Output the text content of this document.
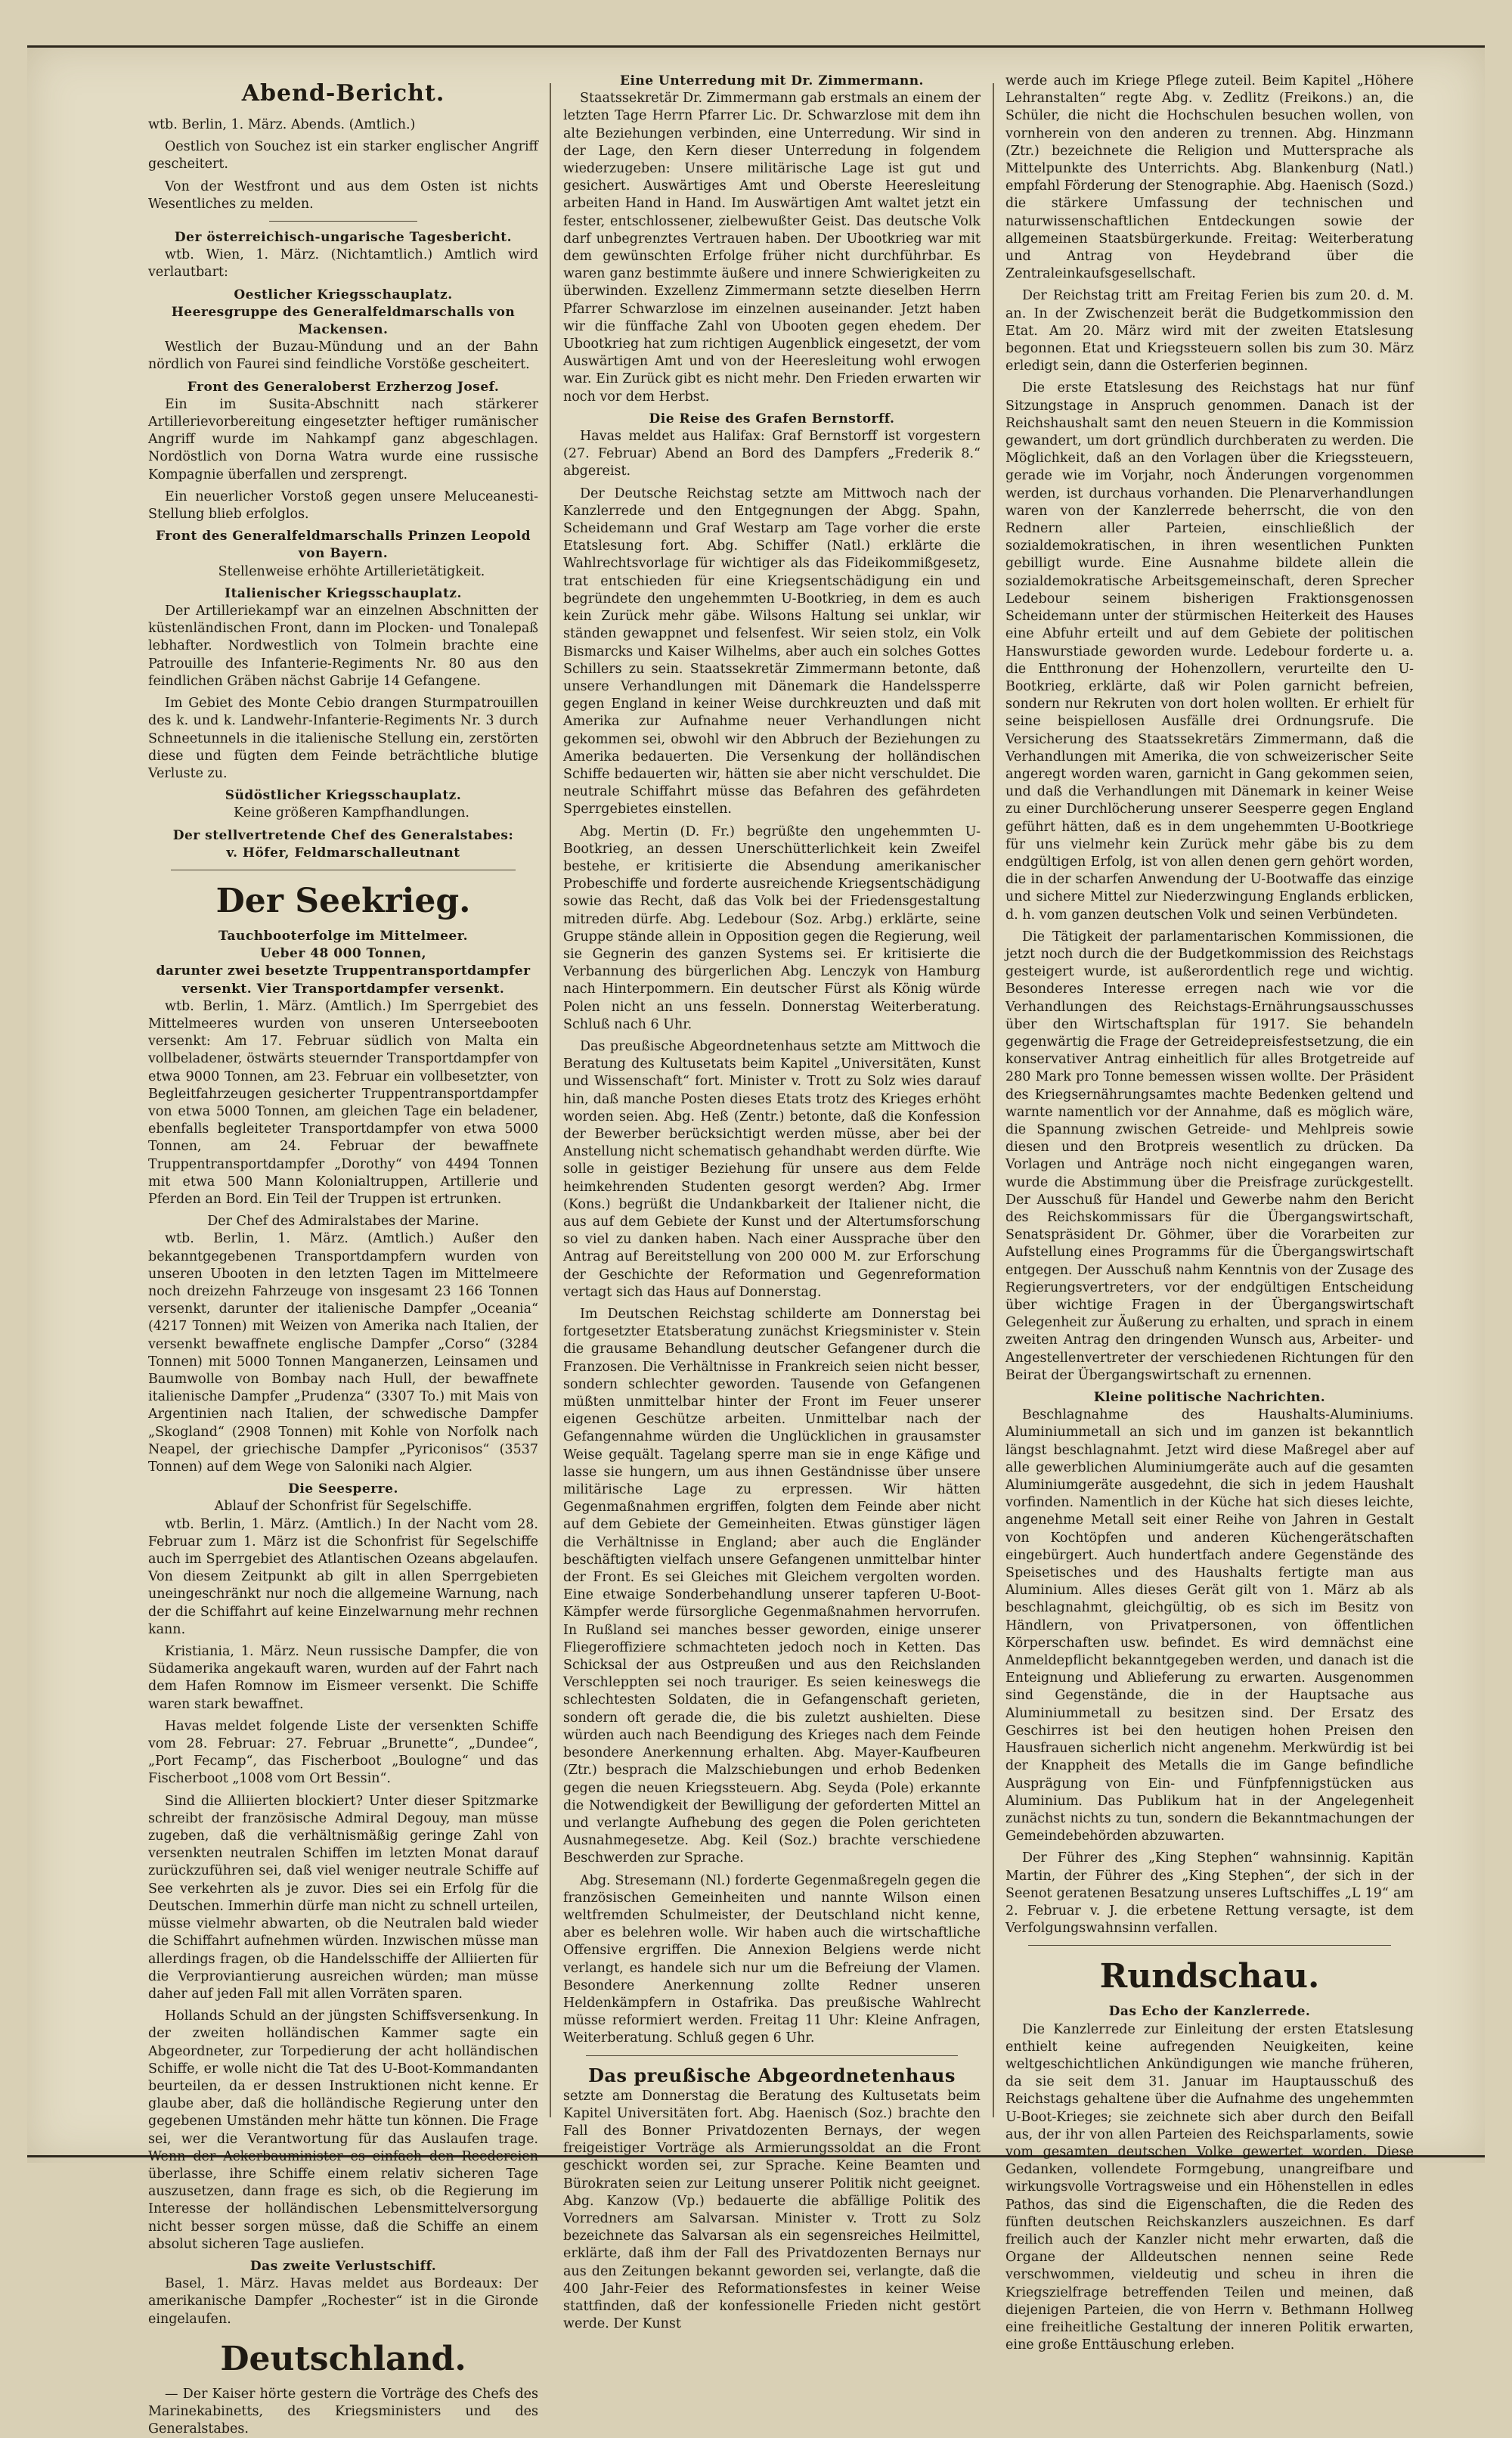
Abend-Bericht.

wtb. Berlin, 1. März. Abends. (Amtlich.)

Oestlich von Souchez ist ein starker englischer Angriff gescheitert.

Von der Westfront und aus dem Osten ist nichts Wesentliches zu melden.

Der österreichisch-ungarische Tagesbericht.

wtb. Wien, 1. März. (Nichtamtlich.) Amtlich wird verlautbart:

Oestlicher Kriegsschauplatz.
Heeresgruppe des Generalfeldmarschalls von Mackensen.

Westlich der Buzau-Mündung und an der Bahn nördlich von Faurei sind feindliche Vorstöße gescheitert.

Front des Generaloberst Erzherzog Josef.

Ein im Susita-Abschnitt nach stärkerer Artillerievorbereitung eingesetzter heftiger rumänischer Angriff wurde im Nahkampf ganz abgeschlagen. Nordöstlich von Dorna Watra wurde eine russische Kompagnie überfallen und zersprengt.

Ein neuerlicher Vorstoß gegen unsere Meluceanesti-Stellung blieb erfolglos.

Front des Generalfeldmarschalls Prinzen Leopold von Bayern.

Stellenweise erhöhte Artillerietätigkeit.

Italienischer Kriegsschauplatz.

Der Artilleriekampf war an einzelnen Abschnitten der küstenländischen Front, dann im Plocken- und Tonalepaß lebhafter. Nordwestlich von Tolmein brachte eine Patrouille des Infanterie-Regiments Nr. 80 aus den feindlichen Gräben nächst Gabrije 14 Gefangene.

Im Gebiet des Monte Cebio drangen Sturmpatrouillen des k. und k. Landwehr-Infanterie-Regiments Nr. 3 durch Schneetunnels in die italienische Stellung ein, zerstörten diese und fügten dem Feinde beträchtliche blutige Verluste zu.

Südöstlicher Kriegsschauplatz.

Keine größeren Kampfhandlungen.

Der stellvertretende Chef des Generalstabes:
v. Höfer, Feldmarschalleutnant
Der Seekrieg.
Tauchbooterfolge im Mittelmeer.
Ueber 48 000 Tonnen,
darunter zwei besetzte Truppentransportdampfer versenkt. Vier Transportdampfer versenkt.

wtb. Berlin, 1. März. (Amtlich.) Im Sperrgebiet des Mittelmeeres wurden von unseren Unterseebooten versenkt: Am 17. Februar südlich von Malta ein vollbeladener, östwärts steuernder Transportdampfer von etwa 9000 Tonnen, am 23. Februar ein vollbesetzter, von Begleitfahrzeugen gesicherter Truppentransportdampfer von etwa 5000 Tonnen, am gleichen Tage ein beladener, ebenfalls begleiteter Transportdampfer von etwa 5000 Tonnen, am 24. Februar der bewaffnete Truppentransportdampfer „Dorothy“ von 4494 Tonnen mit etwa 500 Mann Kolonialtruppen, Artillerie und Pferden an Bord. Ein Teil der Truppen ist ertrunken.

Der Chef des Admiralstabes der Marine.

wtb. Berlin, 1. März. (Amtlich.) Außer den bekanntgegebenen Transportdampfern wurden von unseren Ubooten in den letzten Tagen im Mittelmeere noch dreizehn Fahrzeuge von insgesamt 23 166 Tonnen versenkt, darunter der italienische Dampfer „Oceania“ (4217 Tonnen) mit Weizen von Amerika nach Italien, der versenkt bewaffnete englische Dampfer „Corso“ (3284 Tonnen) mit 5000 Tonnen Manganerzen, Leinsamen und Baumwolle von Bombay nach Hull, der bewaffnete italienische Dampfer „Prudenza“ (3307 To.) mit Mais von Argentinien nach Italien, der schwedische Dampfer „Skogland“ (2908 Tonnen) mit Kohle von Norfolk nach Neapel, der griechische Dampfer „Pyriconisos“ (3537 Tonnen) auf dem Wege von Saloniki nach Algier.

Die Seesperre.
Ablauf der Schonfrist für Segelschiffe.

wtb. Berlin, 1. März. (Amtlich.) In der Nacht vom 28. Februar zum 1. März ist die Schonfrist für Segelschiffe auch im Sperrgebiet des Atlantischen Ozeans abgelaufen. Von diesem Zeitpunkt ab gilt in allen Sperrgebieten uneingeschränkt nur noch die allgemeine Warnung, nach der die Schiffahrt auf keine Einzelwarnung mehr rechnen kann.

Kristiania, 1. März. Neun russische Dampfer, die von Südamerika angekauft waren, wurden auf der Fahrt nach dem Hafen Romnow im Eismeer versenkt. Die Schiffe waren stark bewaffnet.

Havas meldet folgende Liste der versenkten Schiffe vom 28. Februar: 27. Februar „Brunette“, „Dundee“, „Port Fecamp“, das Fischerboot „Boulogne“ und das Fischerboot „1008 vom Ort Bessin“.

Sind die Alliierten blockiert? Unter dieser Spitzmarke schreibt der französische Admiral Degouy, man müsse zugeben, daß die verhältnismäßig geringe Zahl von versenkten neutralen Schiffen im letzten Monat darauf zurückzuführen sei, daß viel weniger neutrale Schiffe auf See verkehrten als je zuvor. Dies sei ein Erfolg für die Deutschen. Immerhin dürfe man nicht zu schnell urteilen, müsse vielmehr abwarten, ob die Neutralen bald wieder die Schiffahrt aufnehmen würden. Inzwischen müsse man allerdings fragen, ob die Handelsschiffe der Alliierten für die Verproviantierung ausreichen würden; man müsse daher auf jeden Fall mit allen Vorräten sparen.

Hollands Schuld an der jüngsten Schiffsversenkung. In der zweiten holländischen Kammer sagte ein Abgeordneter, zur Torpedierung der acht holländischen Schiffe, er wolle nicht die Tat des U-Boot-Kommandanten beurteilen, da er dessen Instruktionen nicht kenne. Er glaube aber, daß die holländische Regierung unter den gegebenen Umständen mehr hätte tun können. Die Frage sei, wer die Verantwortung für das Auslaufen trage. Wenn der Ackerbauminister es einfach den Reedereien überlasse, ihre Schiffe einem relativ sicheren Tage auszusetzen, dann frage es sich, ob die Regierung im Interesse der holländischen Lebensmittelversorgung nicht besser sorgen müsse, daß die Schiffe an einem absolut sicheren Tage ausliefen.

Das zweite Verlustschiff.

Basel, 1. März. Havas meldet aus Bordeaux: Der amerikanische Dampfer „Rochester“ ist in die Gironde eingelaufen.

Deutschland.

— Der Kaiser hörte gestern die Vorträge des Chefs des Marinekabinetts, des Kriegsministers und des Generalstabes.

Eine Unterredung mit Dr. Zimmermann.

Staatssekretär Dr. Zimmermann gab erstmals an einem der letzten Tage Herrn Pfarrer Lic. Dr. Schwarzlose mit dem ihn alte Beziehungen verbinden, eine Unterredung. Wir sind in der Lage, den Kern dieser Unterredung in folgendem wiederzugeben: Unsere militärische Lage ist gut und gesichert. Auswärtiges Amt und Oberste Heeresleitung arbeiten Hand in Hand. Im Auswärtigen Amt waltet jetzt ein fester, entschlossener, zielbewußter Geist. Das deutsche Volk darf unbegrenztes Vertrauen haben. Der Ubootkrieg war mit dem gewünschten Erfolge früher nicht durchführbar. Es waren ganz bestimmte äußere und innere Schwierigkeiten zu überwinden. Exzellenz Zimmermann setzte dieselben Herrn Pfarrer Schwarzlose im einzelnen auseinander. Jetzt haben wir die fünffache Zahl von Ubooten gegen ehedem. Der Ubootkrieg hat zum richtigen Augenblick eingesetzt, der vom Auswärtigen Amt und von der Heeresleitung wohl erwogen war. Ein Zurück gibt es nicht mehr. Den Frieden erwarten wir noch vor dem Herbst.

Die Reise des Grafen Bernstorff.

Havas meldet aus Halifax: Graf Bernstorff ist vorgestern (27. Februar) Abend an Bord des Dampfers „Frederik 8.“ abgereist.

Der Deutsche Reichstag setzte am Mittwoch nach der Kanzlerrede und den Entgegnungen der Abgg. Spahn, Scheidemann und Graf Westarp am Tage vorher die erste Etatslesung fort. Abg. Schiffer (Natl.) erklärte die Wahlrechtsvorlage für wichtiger als das Fideikommißgesetz, trat entschieden für eine Kriegsentschädigung ein und begründete den ungehemmten U-Bootkrieg, in dem es auch kein Zurück mehr gäbe. Wilsons Haltung sei unklar, wir ständen gewappnet und felsenfest. Wir seien stolz, ein Volk Bismarcks und Kaiser Wilhelms, aber auch ein solches Gottes Schillers zu sein. Staatssekretär Zimmermann betonte, daß unsere Verhandlungen mit Dänemark die Handelssperre gegen England in keiner Weise durchkreuzten und daß mit Amerika zur Aufnahme neuer Verhandlungen nicht gekommen sei, obwohl wir den Abbruch der Beziehungen zu Amerika bedauerten. Die Versenkung der holländischen Schiffe bedauerten wir, hätten sie aber nicht verschuldet. Die neutrale Schiffahrt müsse das Befahren des gefährdeten Sperrgebietes einstellen.

Abg. Mertin (D. Fr.) begrüßte den ungehemmten U-Bootkrieg, an dessen Unerschütterlichkeit kein Zweifel bestehe, er kritisierte die Absendung amerikanischer Probeschiffe und forderte ausreichende Kriegsentschädigung sowie das Recht, daß das Volk bei der Friedensgestaltung mitreden dürfe. Abg. Ledebour (Soz. Arbg.) erklärte, seine Gruppe stände allein in Opposition gegen die Regierung, weil sie Gegnerin des ganzen Systems sei. Er kritisierte die Verbannung des bürgerlichen Abg. Lenczyk von Hamburg nach Hinterpommern. Ein deutscher Fürst als König würde Polen nicht an uns fesseln. Donnerstag Weiterberatung. Schluß nach 6 Uhr.

Das preußische Abgeordnetenhaus setzte am Mittwoch die Beratung des Kultusetats beim Kapitel „Universitäten, Kunst und Wissenschaft“ fort. Minister v. Trott zu Solz wies darauf hin, daß manche Posten dieses Etats trotz des Krieges erhöht worden seien. Abg. Heß (Zentr.) betonte, daß die Konfession der Bewerber berücksichtigt werden müsse, aber bei der Anstellung nicht schematisch gehandhabt werden dürfte. Wie solle in geistiger Beziehung für unsere aus dem Felde heimkehrenden Studenten gesorgt werden? Abg. Irmer (Kons.) begrüßt die Undankbarkeit der Italiener nicht, die aus auf dem Gebiete der Kunst und der Altertumsforschung so viel zu danken haben. Nach einer Aussprache über den Antrag auf Bereitstellung von 200 000 M. zur Erforschung der Geschichte der Reformation und Gegenreformation vertagt sich das Haus auf Donnerstag.

Im Deutschen Reichstag schilderte am Donnerstag bei fortgesetzter Etatsberatung zunächst Kriegsminister v. Stein die grausame Behandlung deutscher Gefangener durch die Franzosen. Die Verhältnisse in Frankreich seien nicht besser, sondern schlechter geworden. Tausende von Gefangenen müßten unmittelbar hinter der Front im Feuer unserer eigenen Geschütze arbeiten. Unmittelbar nach der Gefangennahme würden die Unglücklichen in grausamster Weise gequält. Tagelang sperre man sie in enge Käfige und lasse sie hungern, um aus ihnen Geständnisse über unsere militärische Lage zu erpressen. Wir hätten Gegenmaßnahmen ergriffen, folgten dem Feinde aber nicht auf dem Gebiete der Gemeinheiten. Etwas günstiger lägen die Verhältnisse in England; aber auch die Engländer beschäftigten vielfach unsere Gefangenen unmittelbar hinter der Front. Es sei Gleiches mit Gleichem vergolten worden. Eine etwaige Sonderbehandlung unserer tapferen U-Boot-Kämpfer werde fürsorgliche Gegenmaßnahmen hervorrufen. In Rußland sei manches besser geworden, einige unserer Fliegeroffiziere schmachteten jedoch noch in Ketten. Das Schicksal der aus Ostpreußen und aus den Reichslanden Verschleppten sei noch trauriger. Es seien keineswegs die schlechtesten Soldaten, die in Gefangenschaft gerieten, sondern oft gerade die, die bis zuletzt aushielten. Diese würden auch nach Beendigung des Krieges nach dem Feinde besondere Anerkennung erhalten. Abg. Mayer-Kaufbeuren (Ztr.) besprach die Malzschiebungen und erhob Bedenken gegen die neuen Kriegssteuern. Abg. Seyda (Pole) erkannte die Notwendigkeit der Bewilligung der geforderten Mittel an und verlangte Aufhebung des gegen die Polen gerichteten Ausnahmegesetze. Abg. Keil (Soz.) brachte verschiedene Beschwerden zur Sprache.

Abg. Stresemann (Nl.) forderte Gegenmaßregeln gegen die französischen Gemeinheiten und nannte Wilson einen weltfremden Schulmeister, der Deutschland nicht kenne, aber es belehren wolle. Wir haben auch die wirtschaftliche Offensive ergriffen. Die Annexion Belgiens werde nicht verlangt, es handele sich nur um die Befreiung der Vlamen. Besondere Anerkennung zollte Redner unseren Heldenkämpfern in Ostafrika. Das preußische Wahlrecht müsse reformiert werden. Freitag 11 Uhr: Kleine Anfragen, Weiterberatung. Schluß gegen 6 Uhr.

Das preußische Abgeordnetenhaus

setzte am Donnerstag die Beratung des Kultusetats beim Kapitel Universitäten fort. Abg. Haenisch (Soz.) brachte den Fall des Bonner Privatdozenten Bernays, der wegen freigeistiger Vorträge als Armierungssoldat an die Front geschickt worden sei, zur Sprache. Keine Beamten und Bürokraten seien zur Leitung unserer Politik nicht geeignet. Abg. Kanzow (Vp.) bedauerte die abfällige Politik des Vorredners am Salvarsan. Minister v. Trott zu Solz bezeichnete das Salvarsan als ein segensreiches Heilmittel, erklärte, daß ihm der Fall des Privatdozenten Bernays nur aus den Zeitungen bekannt geworden sei, verlangte, daß die 400 Jahr-Feier des Reformationsfestes in keiner Weise stattfinden, daß der konfessionelle Frieden nicht gestört werde. Der Kunst

werde auch im Kriege Pflege zuteil. Beim Kapitel „Höhere Lehranstalten“ regte Abg. v. Zedlitz (Freikons.) an, die Schüler, die nicht die Hochschulen besuchen wollen, von vornherein von den anderen zu trennen. Abg. Hinzmann (Ztr.) bezeichnete die Religion und Muttersprache als Mittelpunkte des Unterrichts. Abg. Blankenburg (Natl.) empfahl Förderung der Stenographie. Abg. Haenisch (Sozd.) die stärkere Umfassung der technischen und naturwissenschaftlichen Entdeckungen sowie der allgemeinen Staatsbürgerkunde. Freitag: Weiterberatung und Antrag von Heydebrand über die Zentraleinkaufsgesellschaft.

Der Reichstag tritt am Freitag Ferien bis zum 20. d. M. an. In der Zwischenzeit berät die Budgetkommission den Etat. Am 20. März wird mit der zweiten Etatslesung begonnen. Etat und Kriegssteuern sollen bis zum 30. März erledigt sein, dann die Osterferien beginnen.

Die erste Etatslesung des Reichstags hat nur fünf Sitzungstage in Anspruch genommen. Danach ist der Reichshaushalt samt den neuen Steuern in die Kommission gewandert, um dort gründlich durchberaten zu werden. Die Möglichkeit, daß an den Vorlagen über die Kriegssteuern, gerade wie im Vorjahr, noch Änderungen vorgenommen werden, ist durchaus vorhanden. Die Plenarverhandlungen waren von der Kanzlerrede beherrscht, die von den Rednern aller Parteien, einschließlich der sozialdemokratischen, in ihren wesentlichen Punkten gebilligt wurde. Eine Ausnahme bildete allein die sozialdemokratische Arbeitsgemeinschaft, deren Sprecher Ledebour seinem bisherigen Fraktionsgenossen Scheidemann unter der stürmischen Heiterkeit des Hauses eine Abfuhr erteilt und auf dem Gebiete der politischen Hanswurstiade geworden wurde. Ledebour forderte u. a. die Entthronung der Hohenzollern, verurteilte den U-Bootkrieg, erklärte, daß wir Polen garnicht befreien, sondern nur Rekruten von dort holen wollten. Er erhielt für seine beispiellosen Ausfälle drei Ordnungsrufe. Die Versicherung des Staatssekretärs Zimmermann, daß die Verhandlungen mit Amerika, die von schweizerischer Seite angeregt worden waren, garnicht in Gang gekommen seien, und daß die Verhandlungen mit Dänemark in keiner Weise zu einer Durchlöcherung unserer Seesperre gegen England geführt hätten, daß es in dem ungehemmten U-Bootkriege für uns vielmehr kein Zurück mehr gäbe bis zu dem endgültigen Erfolg, ist von allen denen gern gehört worden, die in der scharfen Anwendung der U-Bootwaffe das einzige und sichere Mittel zur Niederzwingung Englands erblicken, d. h. vom ganzen deutschen Volk und seinen Verbündeten.

Die Tätigkeit der parlamentarischen Kommissionen, die jetzt noch durch die der Budgetkommission des Reichstags gesteigert wurde, ist außerordentlich rege und wichtig. Besonderes Interesse erregen nach wie vor die Verhandlungen des Reichstags-Ernährungsausschusses über den Wirtschaftsplan für 1917. Sie behandeln gegenwärtig die Frage der Getreidepreisfestsetzung, die ein konservativer Antrag einheitlich für alles Brotgetreide auf 280 Mark pro Tonne bemessen wissen wollte. Der Präsident des Kriegsernährungsamtes machte Bedenken geltend und warnte namentlich vor der Annahme, daß es möglich wäre, die Spannung zwischen Getreide- und Mehlpreis sowie diesen und den Brotpreis wesentlich zu drücken. Da Vorlagen und Anträge noch nicht eingegangen waren, wurde die Abstimmung über die Preisfrage zurückgestellt. Der Ausschuß für Handel und Gewerbe nahm den Bericht des Reichskommissars für die Übergangswirtschaft, Senatspräsident Dr. Göhmer, über die Vorarbeiten zur Aufstellung eines Programms für die Übergangswirtschaft entgegen. Der Ausschuß nahm Kenntnis von der Zusage des Regierungsvertreters, vor der endgültigen Entscheidung über wichtige Fragen in der Übergangswirtschaft Gelegenheit zur Äußerung zu erhalten, und sprach in einem zweiten Antrag den dringenden Wunsch aus, Arbeiter- und Angestellenvertreter der verschiedenen Richtungen für den Beirat der Übergangswirtschaft zu ernennen.

Kleine politische Nachrichten.

Beschlagnahme des Haushalts-Aluminiums. Aluminiummetall an sich und im ganzen ist bekanntlich längst beschlagnahmt. Jetzt wird diese Maßregel aber auf alle gewerblichen Aluminiumgeräte auch auf die gesamten Aluminiumgeräte ausgedehnt, die sich in jedem Haushalt vorfinden. Namentlich in der Küche hat sich dieses leichte, angenehme Metall seit einer Reihe von Jahren in Gestalt von Kochtöpfen und anderen Küchengerätschaften eingebürgert. Auch hundertfach andere Gegenstände des Speisetisches und des Haushalts fertigte man aus Aluminium. Alles dieses Gerät gilt von 1. März ab als beschlagnahmt, gleichgültig, ob es sich im Besitz von Händlern, von Privatpersonen, von öffentlichen Körperschaften usw. befindet. Es wird demnächst eine Anmeldepflicht bekanntgegeben werden, und danach ist die Enteignung und Ablieferung zu erwarten. Ausgenommen sind Gegenstände, die in der Hauptsache aus Aluminiummetall zu besitzen sind. Der Ersatz des Geschirres ist bei den heutigen hohen Preisen den Hausfrauen sicherlich nicht angenehm. Merkwürdig ist bei der Knappheit des Metalls die im Gange befindliche Ausprägung von Ein- und Fünfpfennigstücken aus Aluminium. Das Publikum hat in der Angelegenheit zunächst nichts zu tun, sondern die Bekanntmachungen der Gemeindebehörden abzuwarten.

Der Führer des „King Stephen“ wahnsinnig. Kapitän Martin, der Führer des „King Stephen“, der sich in der Seenot geratenen Besatzung unseres Luftschiffes „L 19“ am 2. Februar v. J. die erbetene Rettung versagte, ist dem Verfolgungswahnsinn verfallen.

Rundschau.
Das Echo der Kanzlerrede.

Die Kanzlerrede zur Einleitung der ersten Etatslesung enthielt keine aufregenden Neuigkeiten, keine weltgeschichtlichen Ankündigungen wie manche früheren, da sie seit dem 31. Januar im Hauptausschuß des Reichstags gehaltene über die Aufnahme des ungehemmten U-Boot-Krieges; sie zeichnete sich aber durch den Beifall aus, der ihr von allen Parteien des Reichsparlaments, sowie vom gesamten deutschen Volke gewertet worden. Diese Gedanken, vollendete Formgebung, unangreifbare und wirkungsvolle Vortragsweise und ein Höhenstellen in edles Pathos, das sind die Eigenschaften, die die Reden des fünften deutschen Reichskanzlers auszeichnen. Es darf freilich auch der Kanzler nicht mehr erwarten, daß die Organe der Alldeutschen nennen seine Rede verschwommen, vieldeutig und scheu in ihren die Kriegszielfrage betreffenden Teilen und meinen, daß diejenigen Parteien, die von Herrn v. Bethmann Hollweg eine freiheitliche Gestaltung der inneren Politik erwarten, eine große Enttäuschung erleben.
